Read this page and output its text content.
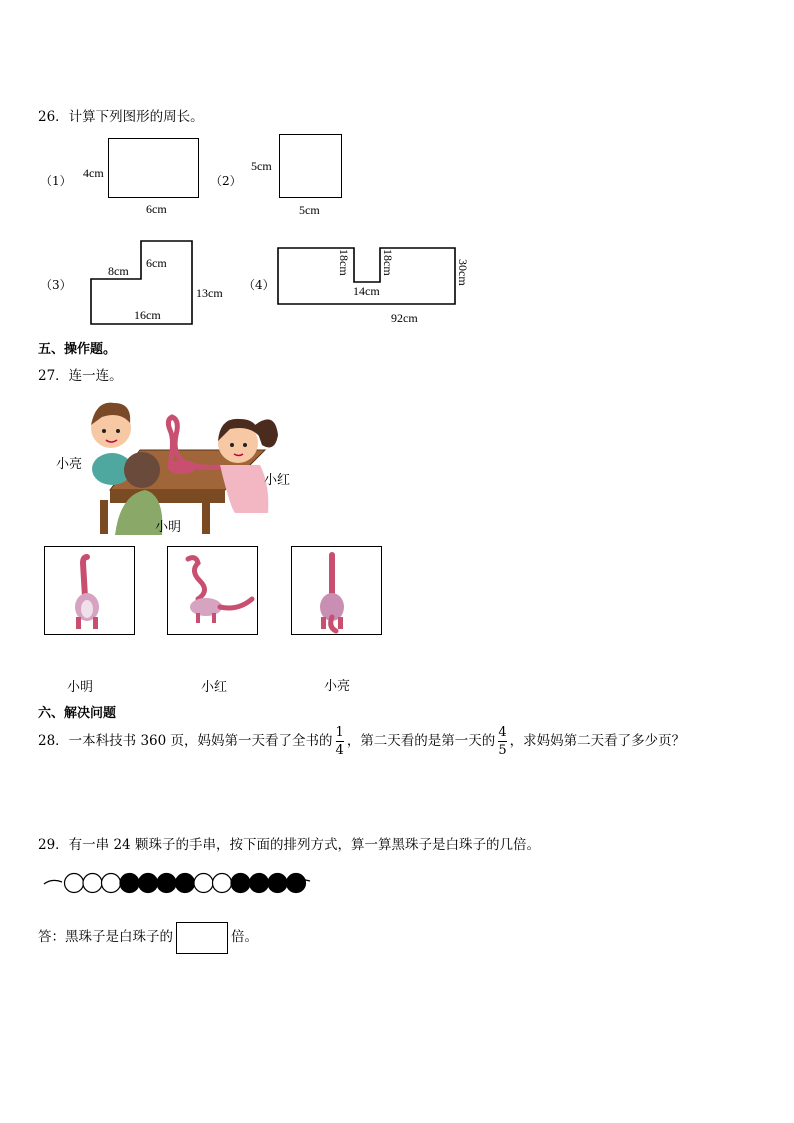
26．计算下列图形的周长。
（1）
4cm
6cm
（2）
5cm
5cm
（3）
6cm
8cm
13cm
16cm
（4）
18cm	18cm	30cm
14cm
92cm
五、操作题。
27．连一连。
小亮
小红
小明
小明	小红	小亮
六、解决问题
28．一本科技书 360 页，妈妈第一天看了全书的 $\frac{1}{4}$ ，第二天看的是第一天的 $\frac{4}{5}$ ，求妈妈第二天看了多少页？
29．有一串 24 颗珠子的手串，按下面的排列方式，算一算黑珠子是白珠子的几倍。
答：黑珠子是白珠子的	倍。
